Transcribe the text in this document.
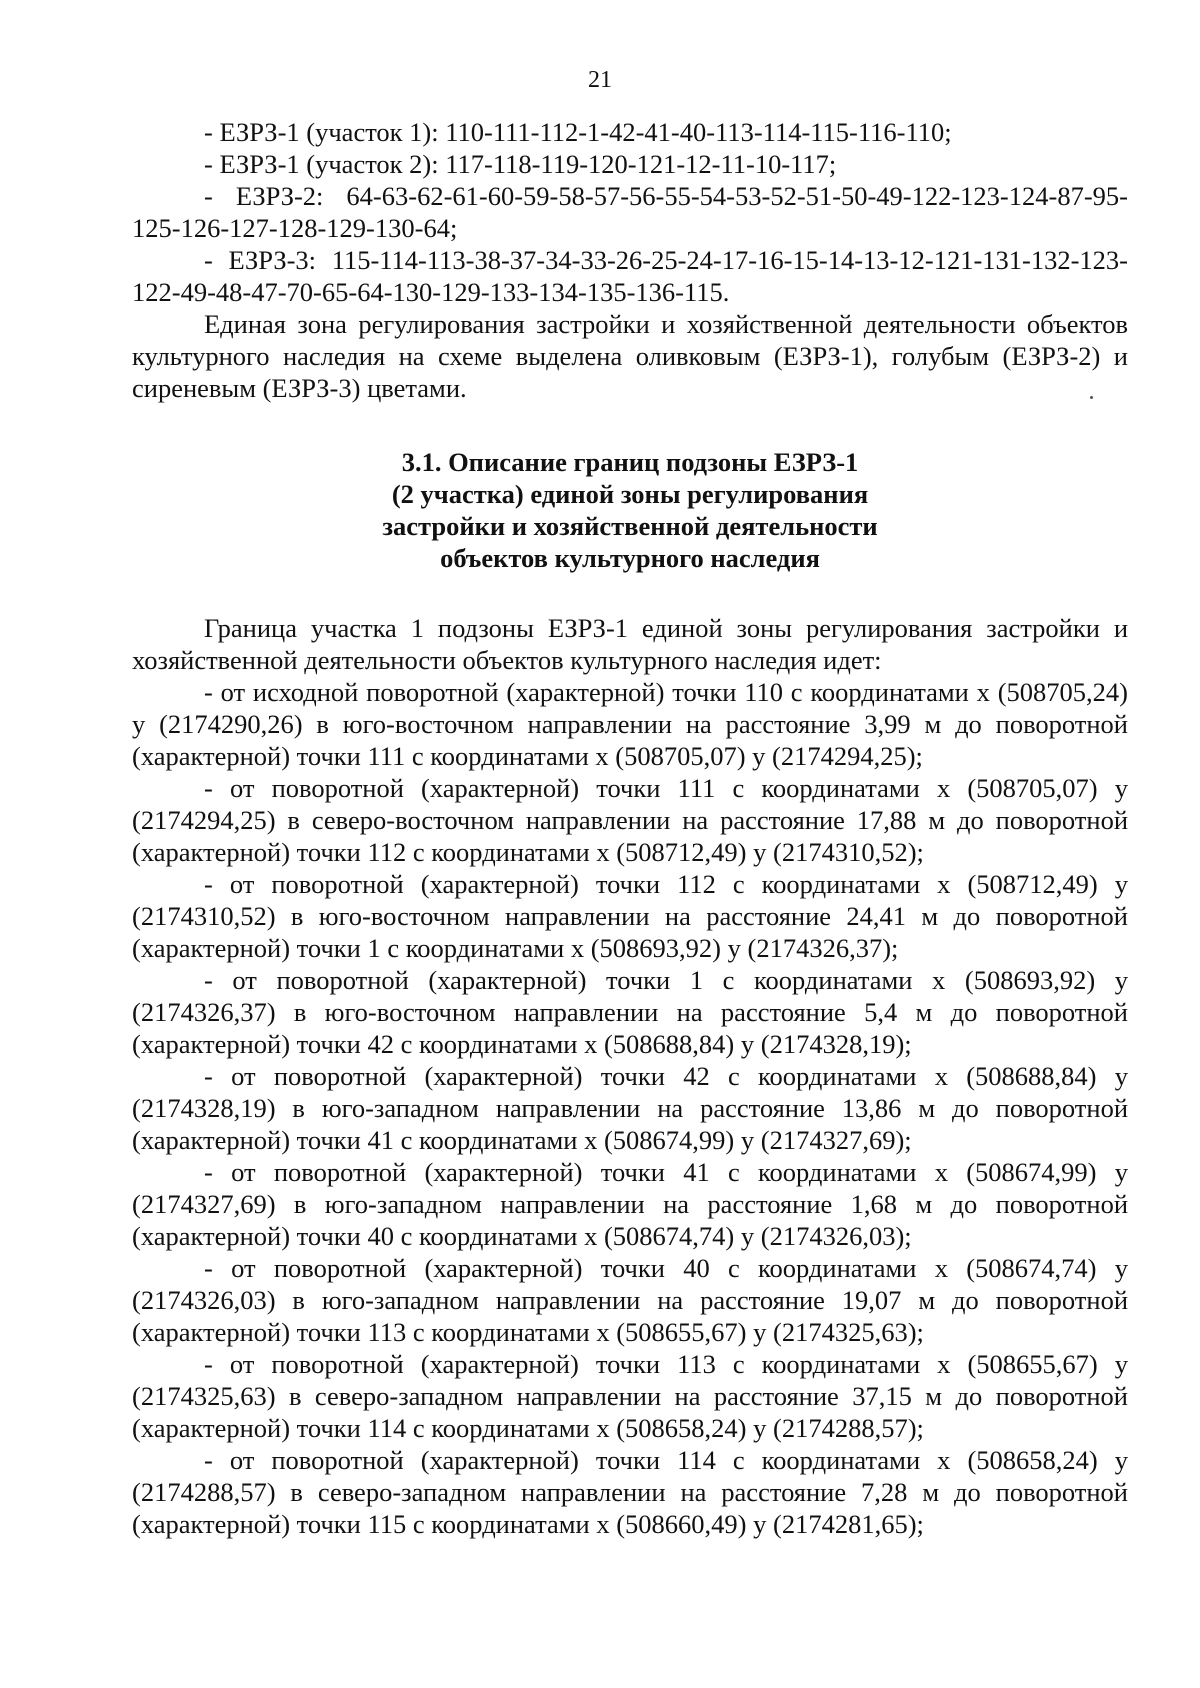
21

- ЕЗРЗ-1 (участок 1): 110-111-112-1-42-41-40-113-114-115-116-110;

- ЕЗРЗ-1 (участок 2): 117-118-119-120-121-12-11-10-117;

- ЕЗРЗ-2: 64-63-62-61-60-59-58-57-56-55-54-53-52-51-50-49-122-123-124-87-95-125-126-127-128-129-130-64;

- ЕЗРЗ-3: 115-114-113-38-37-34-33-26-25-24-17-16-15-14-13-12-121-131-132-123-122-49-48-47-70-65-64-130-129-133-134-135-136-115.

Единая зона регулирования застройки и хозяйственной деятельности объектов культурного наследия на схеме выделена оливковым (ЕЗРЗ-1), голубым (ЕЗРЗ-2) и сиреневым (ЕЗРЗ-3) цветами.

3.1. Описание границ подзоны ЕЗРЗ-1
(2 участка) единой зоны регулирования
застройки и хозяйственной деятельности
объектов культурного наследия

Граница участка 1 подзоны ЕЗРЗ-1 единой зоны регулирования застройки и хозяйственной деятельности объектов культурного наследия идет:

- от исходной поворотной (характерной) точки 110 с координатами х (508705,24) у (2174290,26) в юго-восточном направлении на расстояние 3,99 м до поворотной (характерной) точки 111 с координатами х (508705,07) у (2174294,25);

- от поворотной (характерной) точки 111 с координатами х (508705,07) у (2174294,25) в северо-восточном направлении на расстояние 17,88 м до поворотной (характерной) точки 112 с координатами х (508712,49) у (2174310,52);

- от поворотной (характерной) точки 112 с координатами х (508712,49) у (2174310,52) в юго-восточном направлении на расстояние 24,41 м до поворотной (характерной) точки 1 с координатами х (508693,92) у (2174326,37);

- от поворотной (характерной) точки 1 с координатами х (508693,92) у (2174326,37) в юго-восточном направлении на расстояние 5,4 м до поворотной (характерной) точки 42 с координатами х (508688,84) у (2174328,19);

- от поворотной (характерной) точки 42 с координатами х (508688,84) у (2174328,19) в юго-западном направлении на расстояние 13,86 м до поворотной (характерной) точки 41 с координатами х (508674,99) у (2174327,69);

- от поворотной (характерной) точки 41 с координатами х (508674,99) у (2174327,69) в юго-западном направлении на расстояние 1,68 м до поворотной (характерной) точки 40 с координатами х (508674,74) у (2174326,03);

- от поворотной (характерной) точки 40 с координатами х (508674,74) у (2174326,03) в юго-западном направлении на расстояние 19,07 м до поворотной (характерной) точки 113 с координатами х (508655,67) у (2174325,63);

- от поворотной (характерной) точки 113 с координатами х (508655,67) у (2174325,63) в северо-западном направлении на расстояние 37,15 м до поворотной (характерной) точки 114 с координатами х (508658,24) у (2174288,57);

- от поворотной (характерной) точки 114 с координатами х (508658,24) у (2174288,57) в северо-западном направлении на расстояние 7,28 м до поворотной (характерной) точки 115 с координатами х (508660,49) у (2174281,65);
